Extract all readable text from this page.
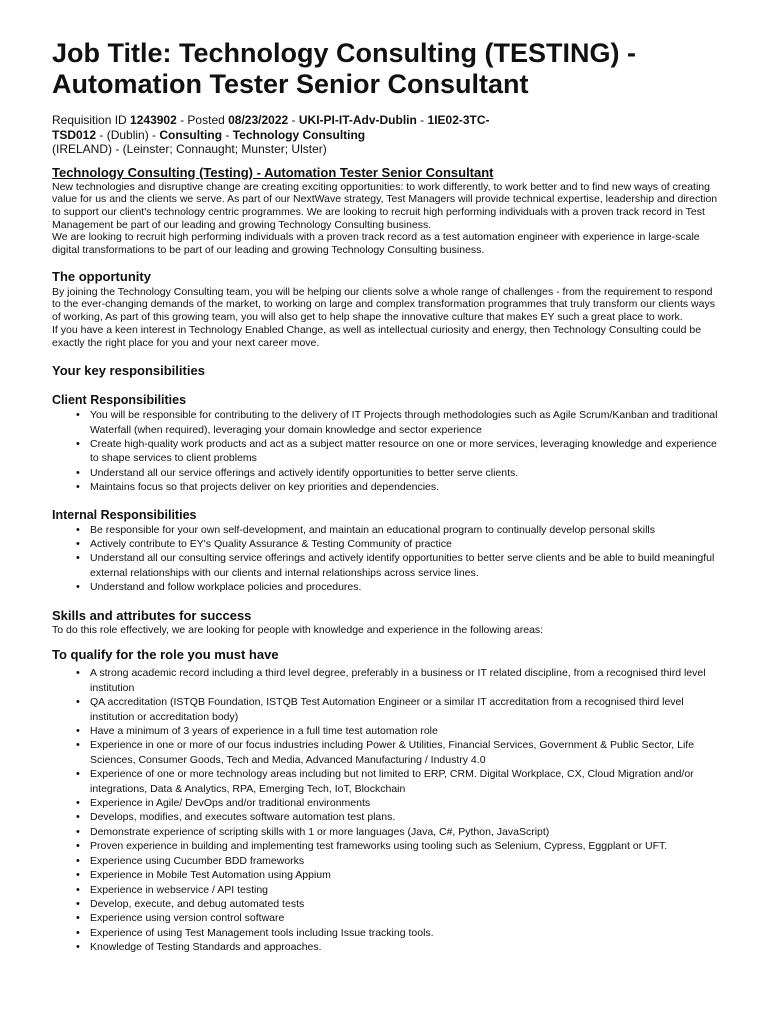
Job Title: Technology Consulting (TESTING) - Automation Tester Senior Consultant
Requisition ID 1243902 - Posted 08/23/2022 - UKI-PI-IT-Adv-Dublin - 1IE02-3TC-TSD012 - (Dublin) - Consulting - Technology Consulting
(IRELAND) - (Leinster; Connaught; Munster; Ulster)
Technology Consulting (Testing) - Automation Tester Senior Consultant

New technologies and disruptive change are creating exciting opportunities: to work differently, to work better and to find new ways of creating value for us and the clients we serve. As part of our NextWave strategy, Test Managers will provide technical expertise, leadership and direction to support our client's technology centric programmes. We are looking to recruit high performing individuals with a proven track record in Test Management be part of our leading and growing Technology Consulting business.

We are looking to recruit high performing individuals with a proven track record as a test automation engineer with experience in large-scale digital transformations to be part of our leading and growing Technology Consulting business.

The opportunity

By joining the Technology Consulting team, you will be helping our clients solve a whole range of challenges - from the requirement to respond to the ever-changing demands of the market, to working on large and complex transformation programmes that truly transform our clients ways of working, As part of this growing team, you will also get to help shape the innovative culture that makes EY such a great place to work.

If you have a keen interest in Technology Enabled Change, as well as intellectual curiosity and energy, then Technology Consulting could be exactly the right place for you and your next career move.

Your key responsibilities
Client Responsibilities
• You will be responsible for contributing to the delivery of IT Projects through methodologies such as Agile Scrum/Kanban and traditional Waterfall (when required), leveraging your domain knowledge and sector experience
• Create high-quality work products and act as a subject matter resource on one or more services, leveraging knowledge and experience to shape services to client problems
• Understand all our service offerings and actively identify opportunities to better serve clients.
• Maintains focus so that projects deliver on key priorities and dependencies.
Internal Responsibilities
• Be responsible for your own self-development, and maintain an educational program to continually develop personal skills
• Actively contribute to EY's Quality Assurance & Testing Community of practice
• Understand all our consulting service offerings and actively identify opportunities to better serve clients and be able to build meaningful external relationships with our clients and internal relationships across service lines.
• Understand and follow workplace policies and procedures.
Skills and attributes for success

To do this role effectively, we are looking for people with knowledge and experience in the following areas:

To qualify for the role you must have
• A strong academic record including a third level degree, preferably in a business or IT related discipline, from a recognised third level institution
• QA accreditation (ISTQB Foundation, ISTQB Test Automation Engineer or a similar IT accreditation from a recognised third level institution or accreditation body)
• Have a minimum of 3 years of experience in a full time test automation role
• Experience in one or more of our focus industries including Power & Utilities, Financial Services, Government & Public Sector, Life Sciences, Consumer Goods, Tech and Media, Advanced Manufacturing / Industry 4.0
• Experience of one or more technology areas including but not limited to ERP, CRM. Digital Workplace, CX, Cloud Migration and/or integrations, Data & Analytics, RPA, Emerging Tech, IoT, Blockchain
• Experience in Agile/ DevOps and/or traditional environments
• Develops, modifies, and executes software automation test plans.
• Demonstrate experience of scripting skills with 1 or more languages (Java, C#, Python, JavaScript)
• Proven experience in building and implementing test frameworks using tooling such as Selenium, Cypress, Eggplant or UFT.
• Experience using Cucumber BDD frameworks
• Experience in Mobile Test Automation using Appium
• Experience in webservice / API testing
• Develop, execute, and debug automated tests
• Experience using version control software
• Experience of using Test Management tools including Issue tracking tools.
• Knowledge of Testing Standards and approaches.
